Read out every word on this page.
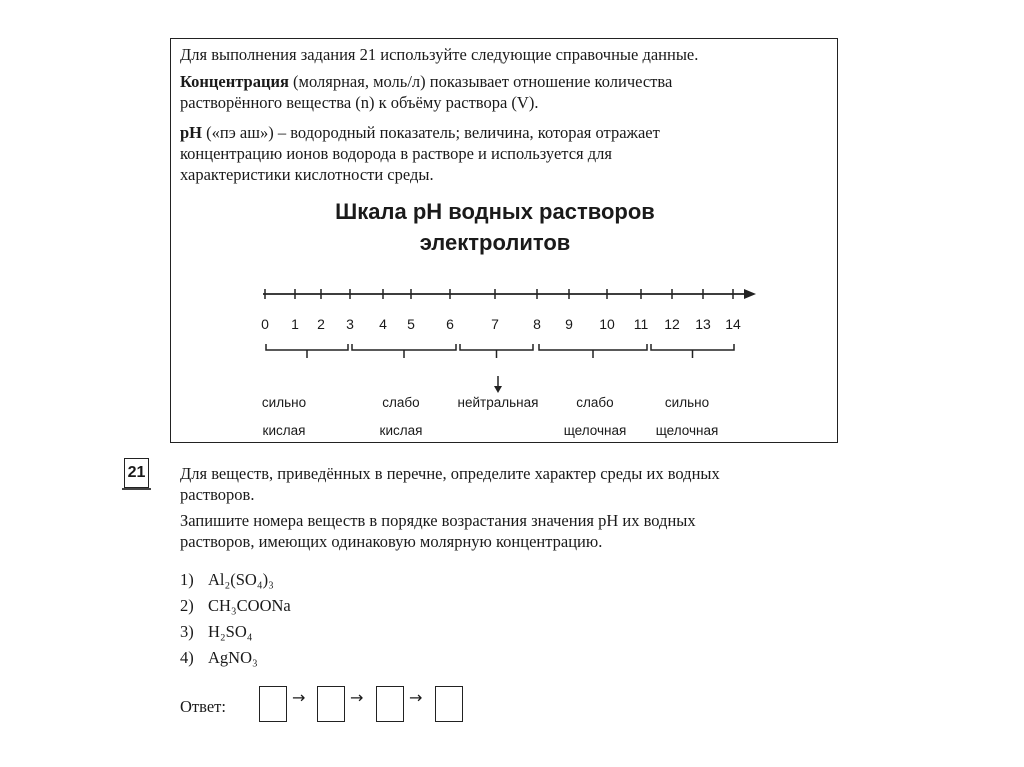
Для выполнения задания 21 используйте следующие справочные данные.

Концентрация (молярная, моль/л) показывает отношение количества
растворённого вещества (n) к объёму раствора (V).

pH («пэ аш») – водородный показатель; величина, которая отражает
концентрацию ионов водорода в растворе и используется для
характеристики кислотности среды.

Шкала pH водных растворов
электролитов
0 1 2 3 4 5 6	7 8 9 10 11 12 13 14
сильно
кислая
слабо
кислая
нейтральная	слабо
щелочная
сильно
щелочная
21 Для веществ, приведённых в перечне, определите характер среды их водных
растворов.

Запишите номера веществ в порядке возрастания значения pH их водных
растворов, имеющих одинаковую молярную концентрацию.

1) Al₂(SO₄)₃
2) CH₃COONa
3) H₂SO₄
4) AgNO₃
Ответ:	→	→	→
